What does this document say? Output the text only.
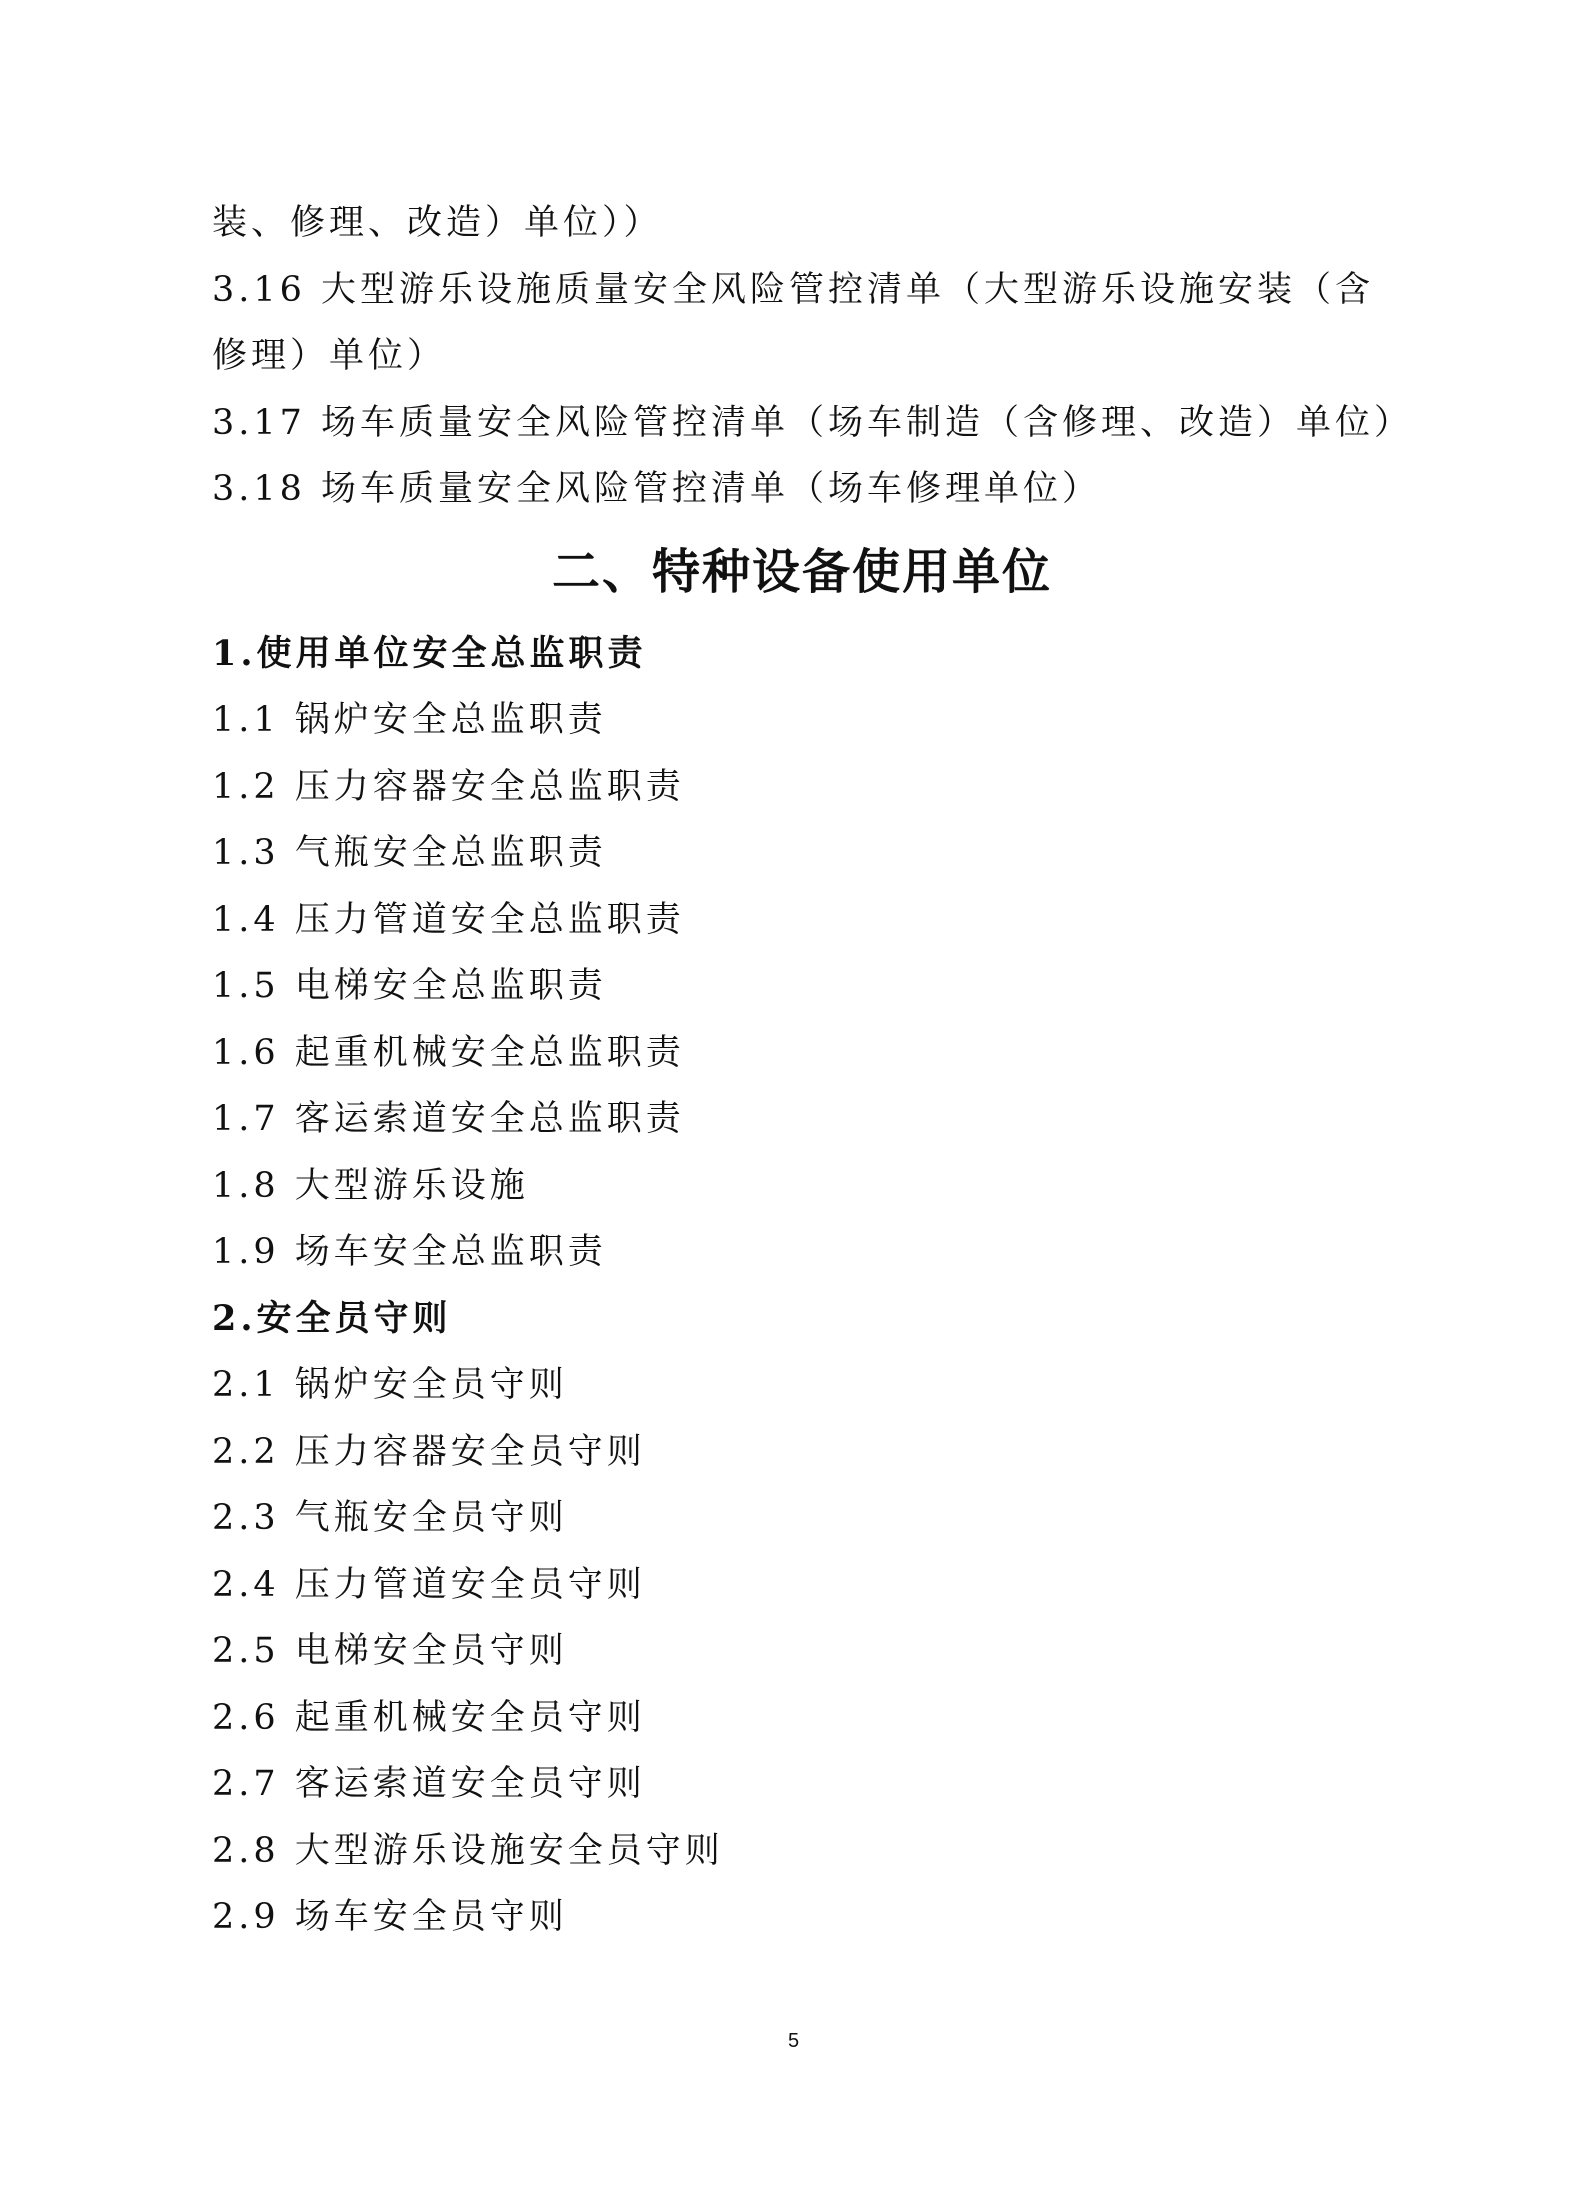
装、修理、改造）单位））
3.16 大型游乐设施质量安全风险管控清单（大型游乐设施安装（含修理）单位）
3.17 场车质量安全风险管控清单（场车制造（含修理、改造）单位）
3.18 场车质量安全风险管控清单（场车修理单位）
二、特种设备使用单位
1.使用单位安全总监职责
1.1 锅炉安全总监职责
1.2 压力容器安全总监职责
1.3 气瓶安全总监职责
1.4 压力管道安全总监职责
1.5 电梯安全总监职责
1.6 起重机械安全总监职责
1.7 客运索道安全总监职责
1.8 大型游乐设施
1.9 场车安全总监职责
2.安全员守则
2.1 锅炉安全员守则
2.2 压力容器安全员守则
2.3 气瓶安全员守则
2.4 压力管道安全员守则
2.5 电梯安全员守则
2.6 起重机械安全员守则
2.7 客运索道安全员守则
2.8 大型游乐设施安全员守则
2.9 场车安全员守则
5
